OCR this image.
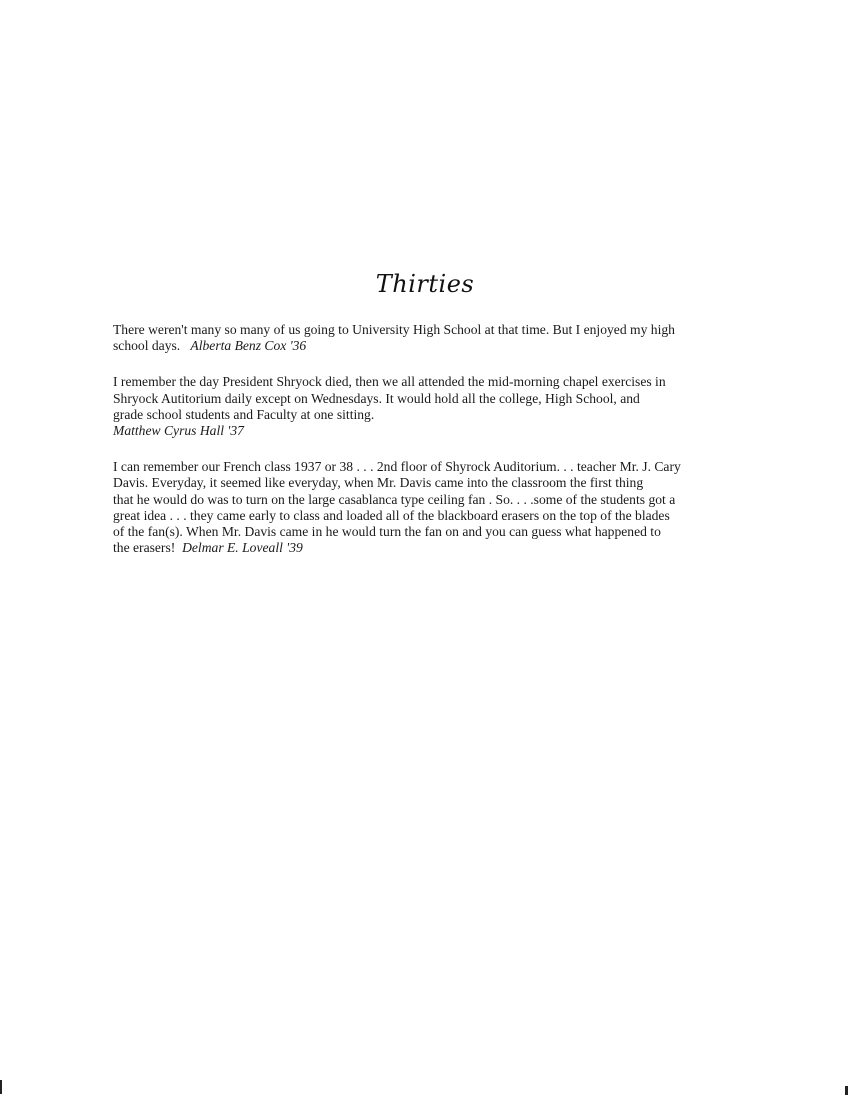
Thirties
There weren't many so many of us going to University High School at that time. But I enjoyed my high
school days. Alberta Benz Cox '36
I remember the day President Shryock died, then we all attended the mid-morning chapel exercises in
Shryock Autitorium daily except on Wednesdays. It would hold all the college, High School, and
grade school students and Faculty at one sitting.
Matthew Cyrus Hall '37
I can remember our French class 1937 or 38 . . . 2nd floor of Shyrock Auditorium. . . teacher Mr. J. Cary
Davis. Everyday, it seemed like everyday, when Mr. Davis came into the classroom the first thing
that he would do was to turn on the large casablanca type ceiling fan . So. . . .some of the students got a
great idea . . . they came early to class and loaded all of the blackboard erasers on the top of the blades
of the fan(s). When Mr. Davis came in he would turn the fan on and you can guess what happened to
the erasers! Delmar E. Loveall '39
